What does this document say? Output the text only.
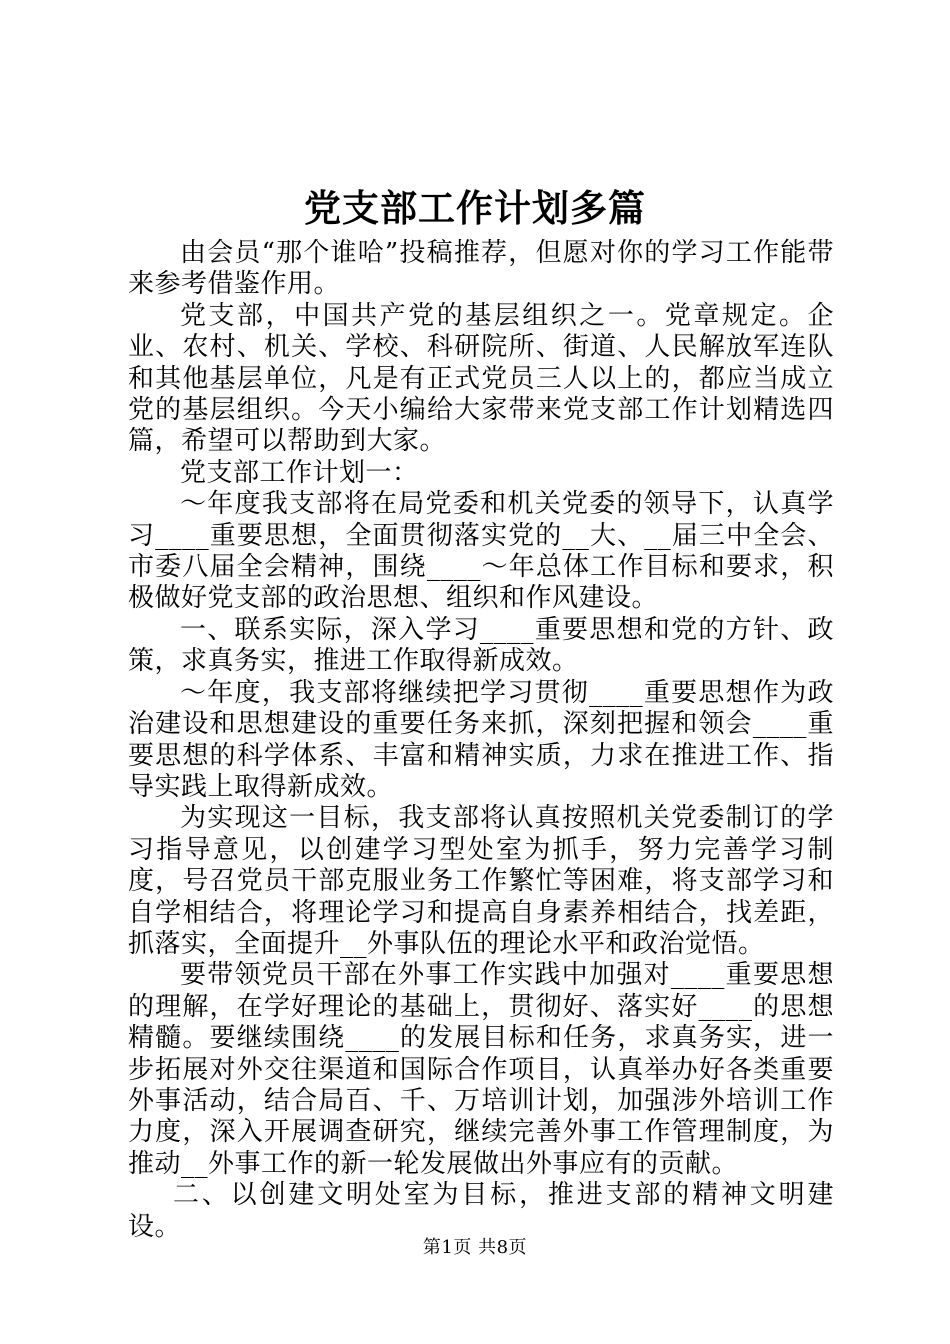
党支部工作计划多篇

由会员“那个谁哈”投稿推荐，但愿对你的学习工作能带来参考借鉴作用。

党支部，中国共产党的基层组织之一。党章规定。企业、农村、机关、学校、科研院所、街道、人民解放军连队和其他基层单位，凡是有正式党员三人以上的，都应当成立党的基层组织。今天小编给大家带来党支部工作计划精选四篇，希望可以帮助到大家。

党支部工作计划一：

～年度我支部将在局党委和机关党委的领导下，认真学习____重要思想，全面贯彻落实党的__大、__届三中全会、市委八届全会精神，围绕____～年总体工作目标和要求，积极做好党支部的政治思想、组织和作风建设。

一、联系实际，深入学习____重要思想和党的方针、政策，求真务实，推进工作取得新成效。

～年度，我支部将继续把学习贯彻____重要思想作为政治建设和思想建设的重要任务来抓，深刻把握和领会____重要思想的科学体系、丰富和精神实质，力求在推进工作、指导实践上取得新成效。

为实现这一目标，我支部将认真按照机关党委制订的学习指导意见，以创建学习型处室为抓手，努力完善学习制度，号召党员干部克服业务工作繁忙等困难，将支部学习和自学相结合，将理论学习和提高自身素养相结合，找差距，抓落实，全面提升__外事队伍的理论水平和政治觉悟。

要带领党员干部在外事工作实践中加强对____重要思想的理解，在学好理论的基础上，贯彻好、落实好____的思想精髓。要继续围绕____的发展目标和任务，求真务实，进一步拓展对外交往渠道和国际合作项目，认真举办好各类重要外事活动，结合局百、千、万培训计划，加强涉外培训工作力度，深入开展调查研究，继续完善外事工作管理制度，为推动__外事工作的新一轮发展做出外事应有的贡献。

二、以创建文明处室为目标，推进支部的精神文明建设。

第1页 共8页
